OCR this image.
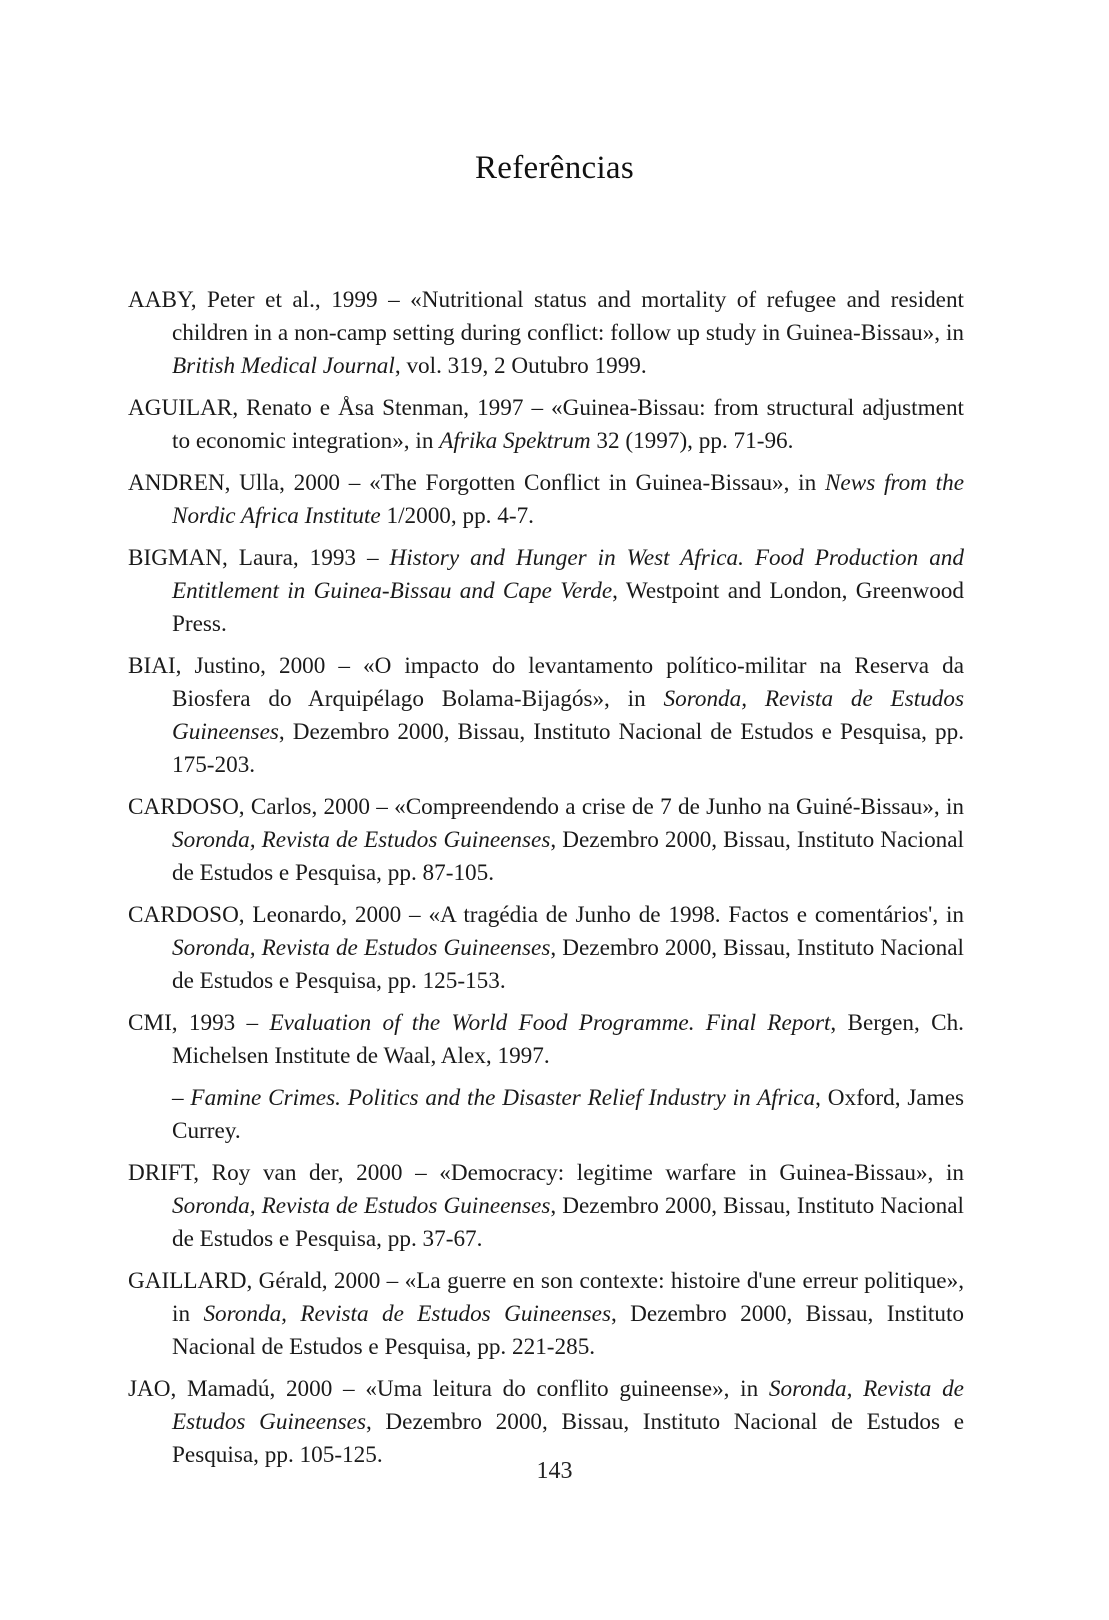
Referências

AABY, Peter et al., 1999 – «Nutritional status and mortality of refugee and resident children in a non-camp setting during conflict: follow up study in Guinea-Bissau», in British Medical Journal, vol. 319, 2 Outubro 1999.

AGUILAR, Renato e Åsa Stenman, 1997 – «Guinea-Bissau: from structural adjustment to economic integration», in Afrika Spektrum 32 (1997), pp. 71-96.

ANDREN, Ulla, 2000 – «The Forgotten Conflict in Guinea-Bissau», in News from the Nordic Africa Institute 1/2000, pp. 4-7.

BIGMAN, Laura, 1993 – History and Hunger in West Africa. Food Production and Entitlement in Guinea-Bissau and Cape Verde, Westpoint and London, Greenwood Press.

BIAI, Justino, 2000 – «O impacto do levantamento político-militar na Reserva da Biosfera do Arquipélago Bolama-Bijagós», in Soronda, Revista de Estudos Guineenses, Dezembro 2000, Bissau, Instituto Nacional de Estudos e Pesquisa, pp. 175-203.

CARDOSO, Carlos, 2000 – «Compreendendo a crise de 7 de Junho na Guiné-Bissau», in Soronda, Revista de Estudos Guineenses, Dezembro 2000, Bissau, Instituto Nacional de Estudos e Pesquisa, pp. 87-105.

CARDOSO, Leonardo, 2000 – «A tragédia de Junho de 1998. Factos e comentários', in Soronda, Revista de Estudos Guineenses, Dezembro 2000, Bissau, Instituto Nacional de Estudos e Pesquisa, pp. 125-153.

CMI, 1993 – Evaluation of the World Food Programme. Final Report, Bergen, Ch. Michelsen Institute de Waal, Alex, 1997.

– Famine Crimes. Politics and the Disaster Relief Industry in Africa, Oxford, James Currey.

DRIFT, Roy van der, 2000 – «Democracy: legitime warfare in Guinea-Bissau», in Soronda, Revista de Estudos Guineenses, Dezembro 2000, Bissau, Instituto Nacional de Estudos e Pesquisa, pp. 37-67.

GAILLARD, Gérald, 2000 – «La guerre en son contexte: histoire d'une erreur politique», in Soronda, Revista de Estudos Guineenses, Dezembro 2000, Bissau, Instituto Nacional de Estudos e Pesquisa, pp. 221-285.

JAO, Mamadú, 2000 – «Uma leitura do conflito guineense», in Soronda, Revista de Estudos Guineenses, Dezembro 2000, Bissau, Instituto Nacional de Estudos e Pesquisa, pp. 105-125.

143
